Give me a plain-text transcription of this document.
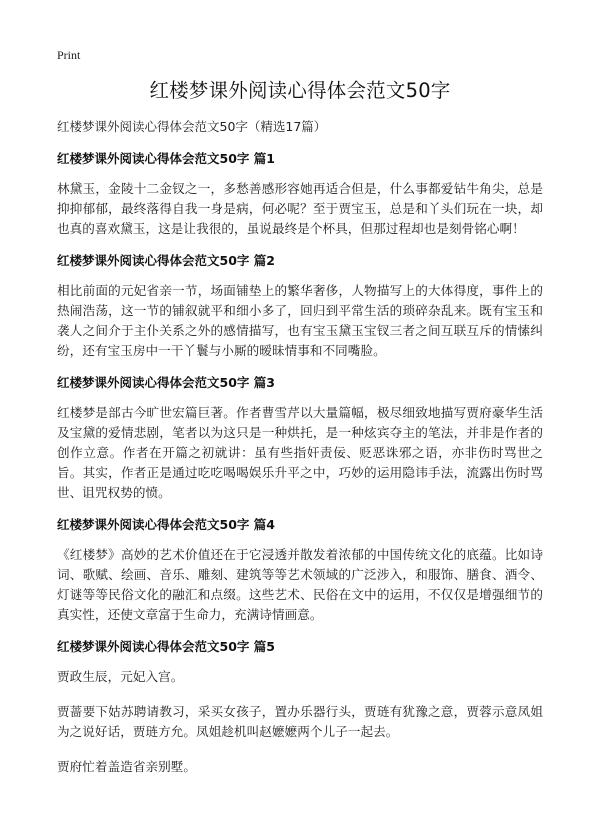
Print
红楼梦课外阅读心得体会范文50字
红楼梦课外阅读心得体会范文50字（精选17篇）
红楼梦课外阅读心得体会范文50字 篇1

林黛玉，金陵十二金钗之一，多愁善感形容她再适合但是，什么事都爱钻牛角尖，总是抑抑郁郁，最终落得自我一身是病，何必呢？至于贾宝玉，总是和丫头们玩在一块，却也真的喜欢黛玉，这是让我很的，虽说最终是个杯具，但那过程却也是刻骨铭心啊！

红楼梦课外阅读心得体会范文50字 篇2

相比前面的元妃省亲一节，场面铺垫上的繁华奢侈，人物描写上的大体得度，事件上的热闹浩荡，这一节的铺叙就平和细小多了，回归到平常生活的琐碎杂乱来。既有宝玉和袭人之间介于主仆关系之外的感情描写，也有宝玉黛玉宝钗三者之间互联互斥的情愫纠纷，还有宝玉房中一干丫鬟与小厮的暧昧情事和不同嘴脸。

红楼梦课外阅读心得体会范文50字 篇3

红楼梦是部古今旷世宏篇巨著。作者曹雪芹以大量篇幅，极尽细致地描写贾府豪华生活及宝黛的爱情悲剧，笔者以为这只是一种烘托，是一种炫宾夺主的笔法，并非是作者的创作立意。作者在开篇之初就讲：虽有些指奸责佞、贬恶诛邪之语，亦非伤时骂世之旨。其实，作者正是通过吃吃喝喝娱乐升平之中，巧妙的运用隐讳手法，流露出伤时骂世、诅咒权势的愤。

红楼梦课外阅读心得体会范文50字 篇4

《红楼梦》高妙的艺术价值还在于它浸透并散发着浓郁的中国传统文化的底蕴。比如诗词、歌赋、绘画、音乐、雕刻、建筑等等艺术领域的广泛涉入，和服饰、膳食、酒令、灯谜等等民俗文化的融汇和点缀。这些艺术、民俗在文中的运用，不仅仅是增强细节的真实性，还使文章富于生命力，充满诗情画意。

红楼梦课外阅读心得体会范文50字 篇5

贾政生辰，元妃入宫。

贾蔷要下姑苏聘请教习，采买女孩子，置办乐器行头，贾琏有犹豫之意，贾蓉示意凤姐为之说好话，贾琏方允。凤姐趁机叫赵嬷嬷两个儿子一起去。

贾府忙着盖造省亲别墅。
